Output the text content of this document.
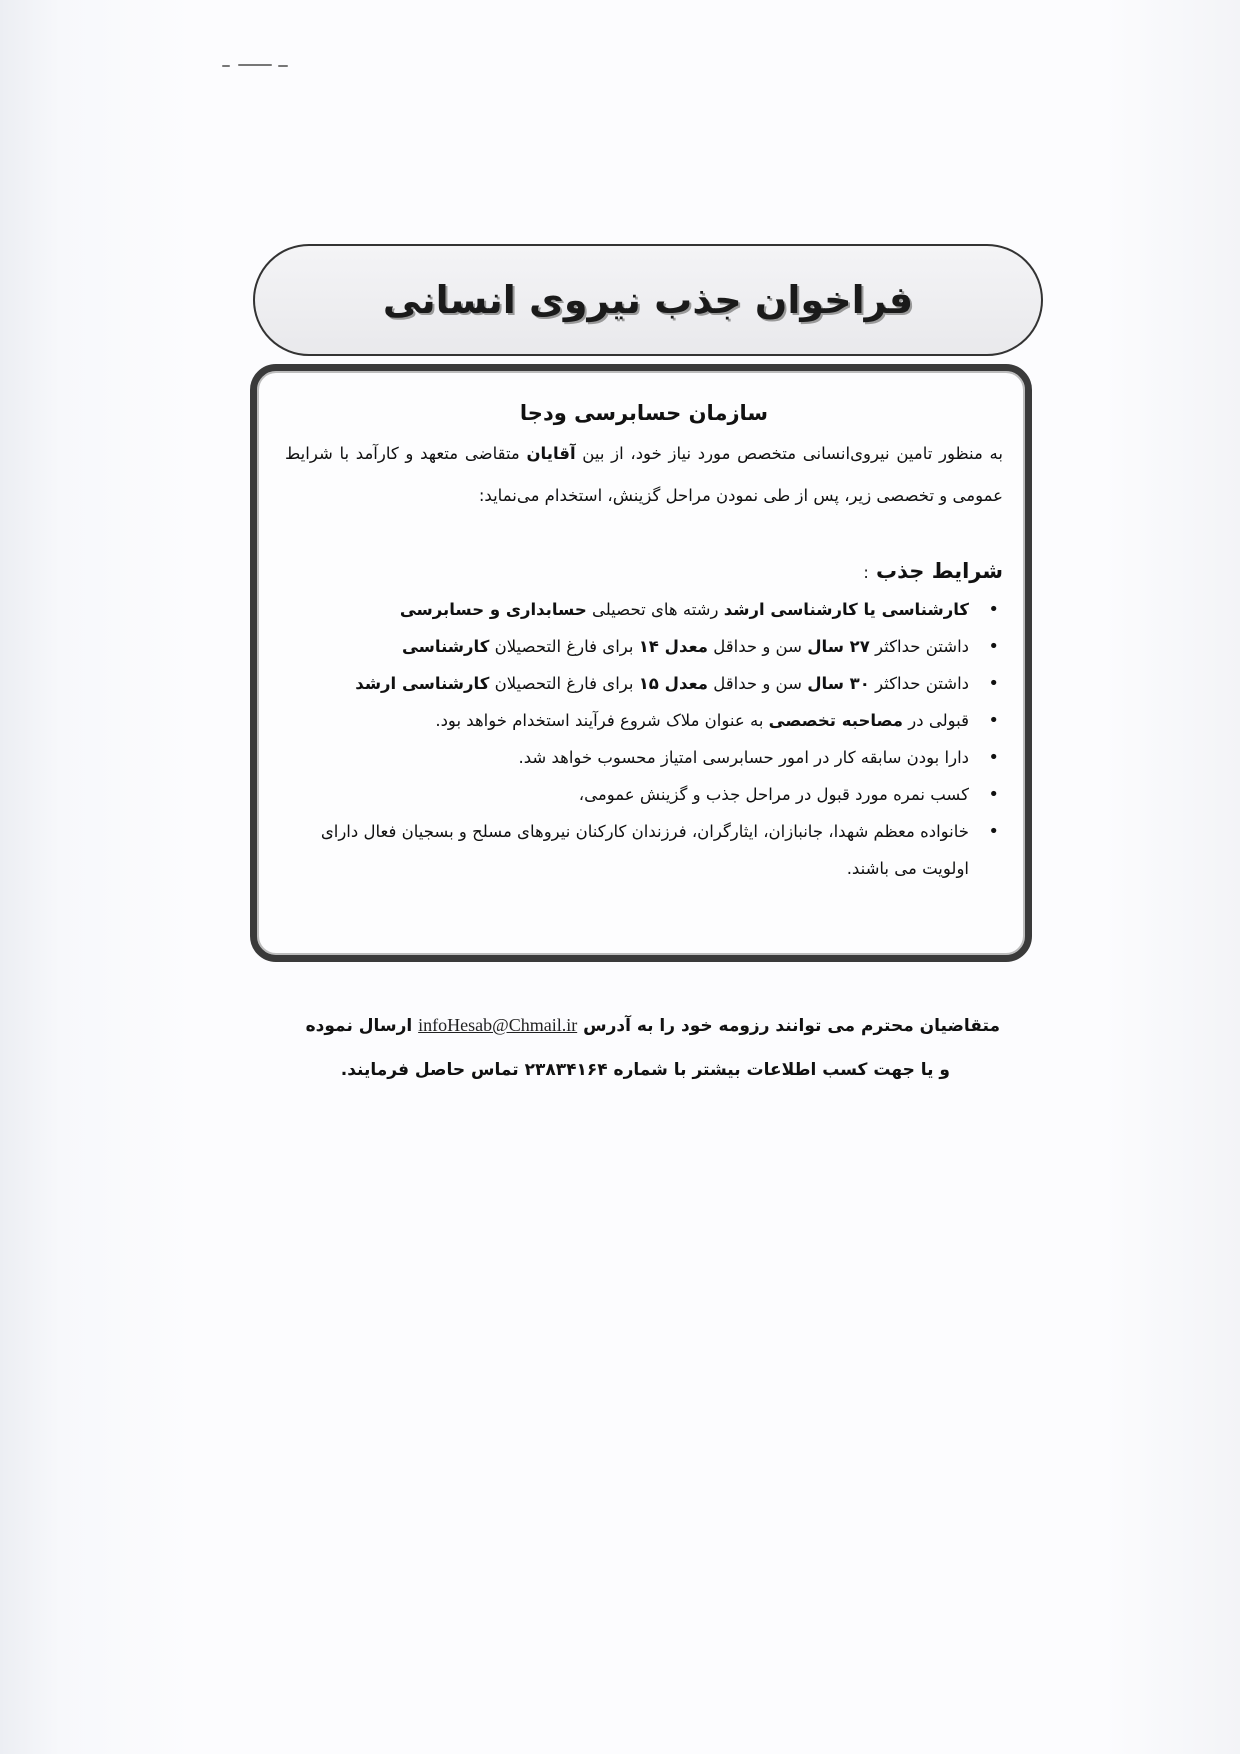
فراخوان جذب نیروی انسانی
سازمان حسابرسی ودجا
به منظور تامین نیروی‌انسانی متخصص مورد نیاز خود، از بین آقایان متقاضی متعهد و کارآمد با شرایط عمومی و تخصصی زیر، پس از طی نمودن مراحل گزینش، استخدام می‌نماید:
شرایط جذب :
•
کارشناسی یا کارشناسی ارشد رشته های تحصیلی حسابداری و حسابرسی
•
داشتن حداکثر ۲۷ سال سن و حداقل معدل ۱۴ برای فارغ التحصیلان کارشناسی
•
داشتن حداکثر ۳۰ سال سن و حداقل معدل ۱۵ برای فارغ التحصیلان کارشناسی ارشد
•
قبولی در مصاحبه تخصصی به عنوان ملاک شروع فرآیند استخدام خواهد بود.
•
دارا بودن سابقه کار در امور حسابرسی امتیاز محسوب خواهد شد.
•
کسب نمره مورد قبول در مراحل جذب و گزینش عمومی،
•
خانواده معظم شهدا، جانبازان، ایثارگران، فرزندان کارکنان نیروهای مسلح و بسجیان فعال دارای اولویت می باشند.
متقاضیان محترم می توانند رزومه خود را به آدرس infoHesab@Chmail.ir ارسال نموده
و یا جهت کسب اطلاعات بیشتر با شماره ۲۳۸۳۴۱۶۴ تماس حاصل فرمایند.
